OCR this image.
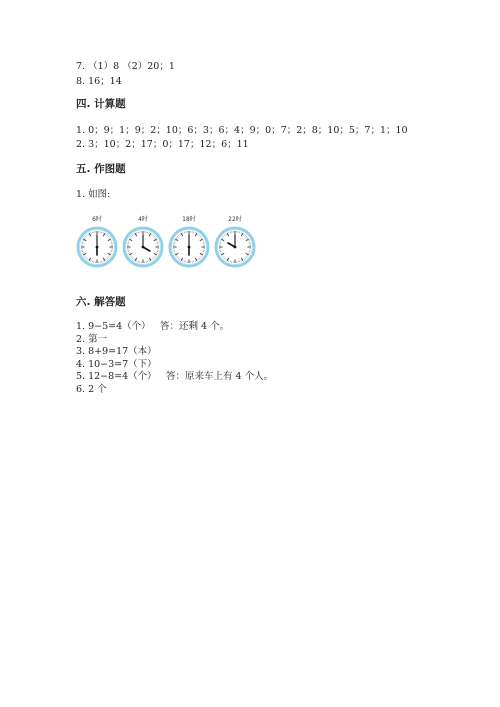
7. （1）8 （2）20；1
8. 16；14
四. 计算题
1. 0；9；1；9；2；10；6；3；6；4；9；0；7；2；8；10；5；7；1；10
2. 3；10；2；17；0；17；12；6；11
五. 作图题
1. 如图:
6时	4时	18时	22时
六. 解答题
1. 9−5=4（个） 答：还剩 4 个。
2. 第一
3. 8+9=17（本）
4. 10−3=7（下）
5. 12−8=4（个） 答：原来车上有 4 个人。
6. 2 个
